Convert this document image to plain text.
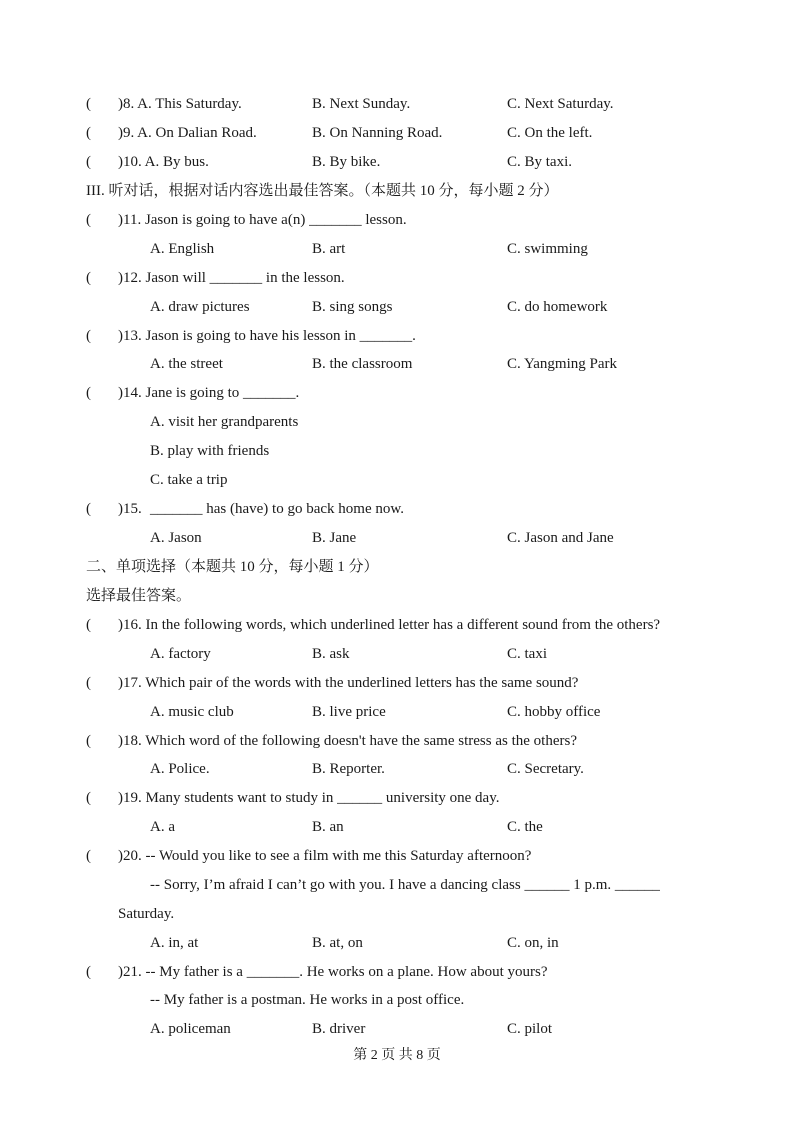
( )8. A. This Saturday.	B. Next Sunday.	C. Next Saturday.
( )9. A. On Dalian Road.	B. On Nanning Road.	C. On the left.
( )10. A. By bus.	B. By bike.	C. By taxi.
III. 听对话，根据对话内容选出最佳答案。（本题共 10 分，每小题 2 分）
( )11. Jason is going to have a(n) _______ lesson.
A. English	B. art	C. swimming
( )12. Jason will _______ in the lesson.
A. draw pictures	B. sing songs	C. do homework
( )13. Jason is going to have his lesson in _______.
A. the street	B. the classroom	C. Yangming Park
( )14. Jane is going to _______.
A. visit her grandparents
B. play with friends
C. take a trip
( )15. _______ has (have) to go back home now.
A. Jason	B. Jane	C. Jason and Jane
二、单项选择（本题共 10 分，每小题 1 分）
选择最佳答案。
( )16. In the following words, which underlined letter has a different sound from the others?
A. factory	B. ask	C. taxi
( )17. Which pair of the words with the underlined letters has the same sound?
A. music club	B. live price	C. hobby office
( )18. Which word of the following doesn't have the same stress as the others?
A. Police.	B. Reporter.	C. Secretary.
( )19. Many students want to study in ______ university one day.
A. a	B. an	C. the
( )20. -- Would you like to see a film with me this Saturday afternoon?
-- Sorry, I’m afraid I can’t go with you. I have a dancing class ______ 1 p.m. ______
Saturday.
A. in, at	B. at, on	C. on, in
( )21. -- My father is a _______. He works on a plane. How about yours?
-- My father is a postman. He works in a post office.
A. policeman	B. driver	C. pilot
第 2 页 共 8 页
